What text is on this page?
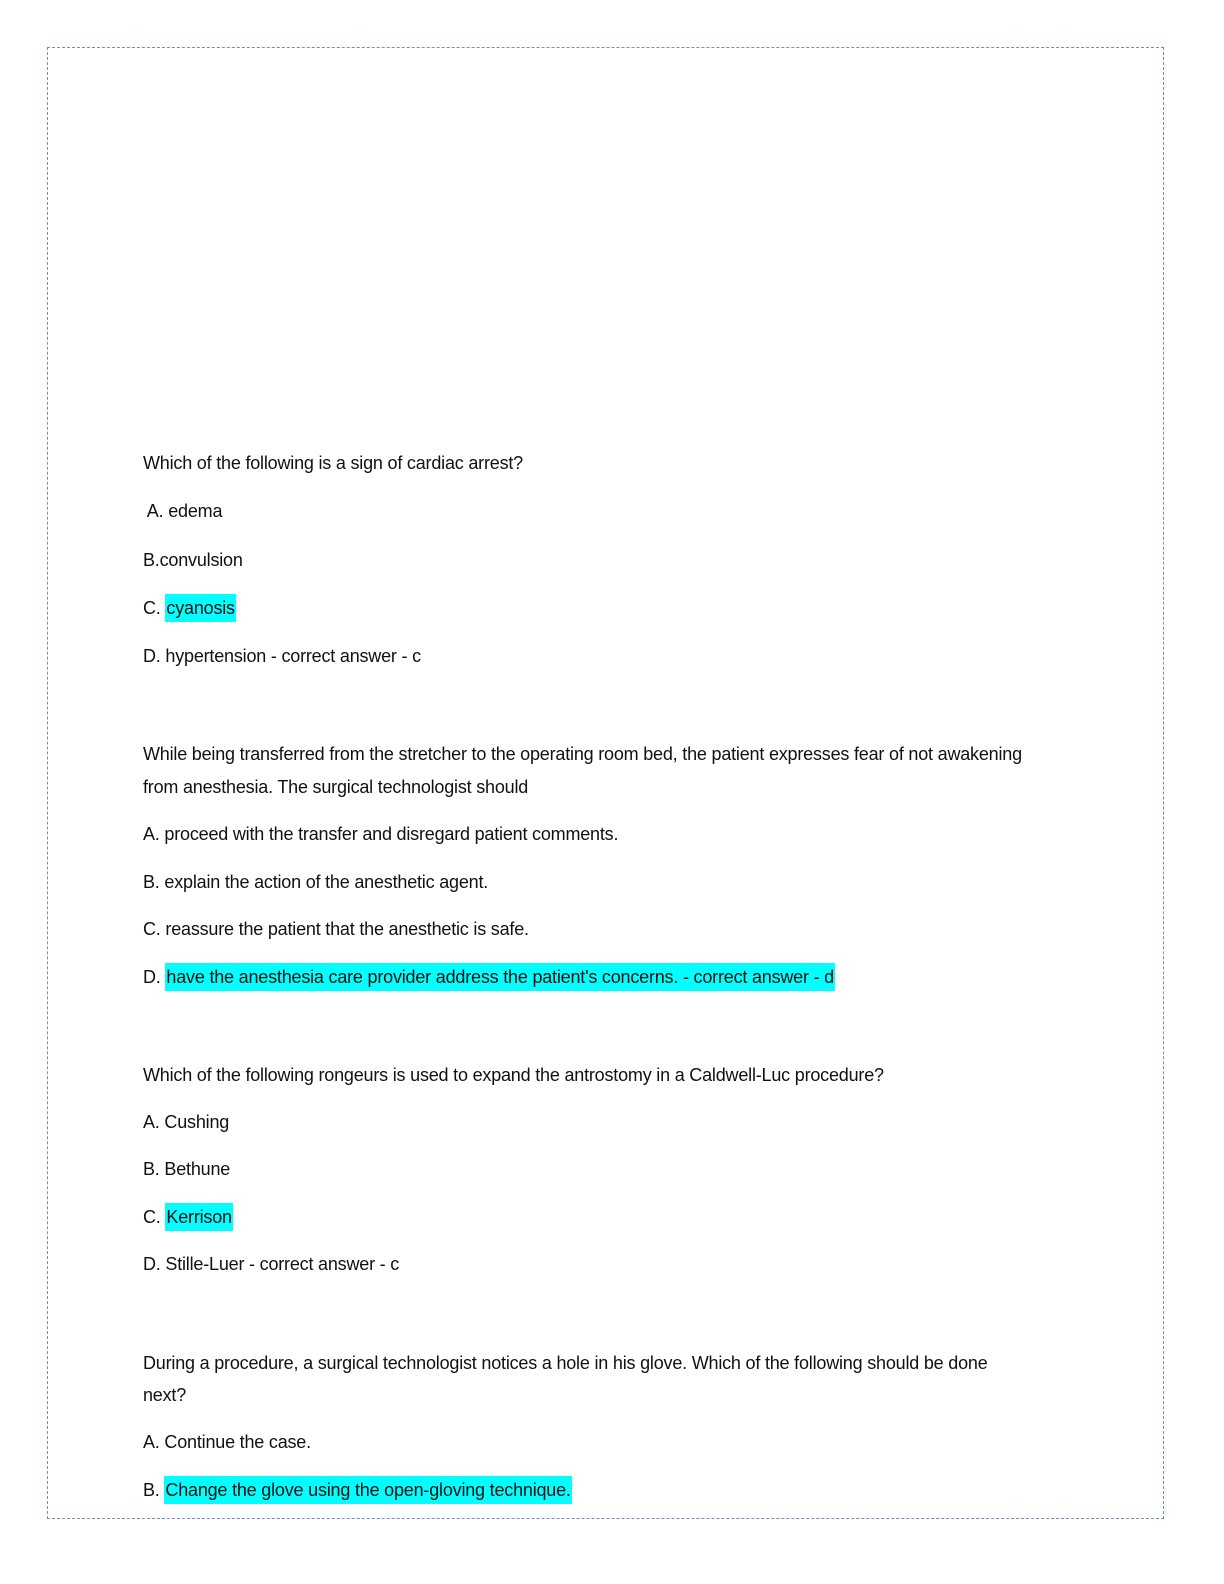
Which of the following is a sign of cardiac arrest?
A. edema
B.convulsion
C. cyanosis
D. hypertension - correct answer - c
While being transferred from the stretcher to the operating room bed, the patient expresses fear of not awakening
from anesthesia. The surgical technologist should
A. proceed with the transfer and disregard patient comments.
B. explain the action of the anesthetic agent.
C. reassure the patient that the anesthetic is safe.
D. have the anesthesia care provider address the patient's concerns. - correct answer - d
Which of the following rongeurs is used to expand the antrostomy in a Caldwell-Luc procedure?
A. Cushing
B. Bethune
C. Kerrison
D. Stille-Luer - correct answer - c
During a procedure, a surgical technologist notices a hole in his glove. Which of the following should be done
next?
A. Continue the case.
B. Change the glove using the open-gloving technique.
